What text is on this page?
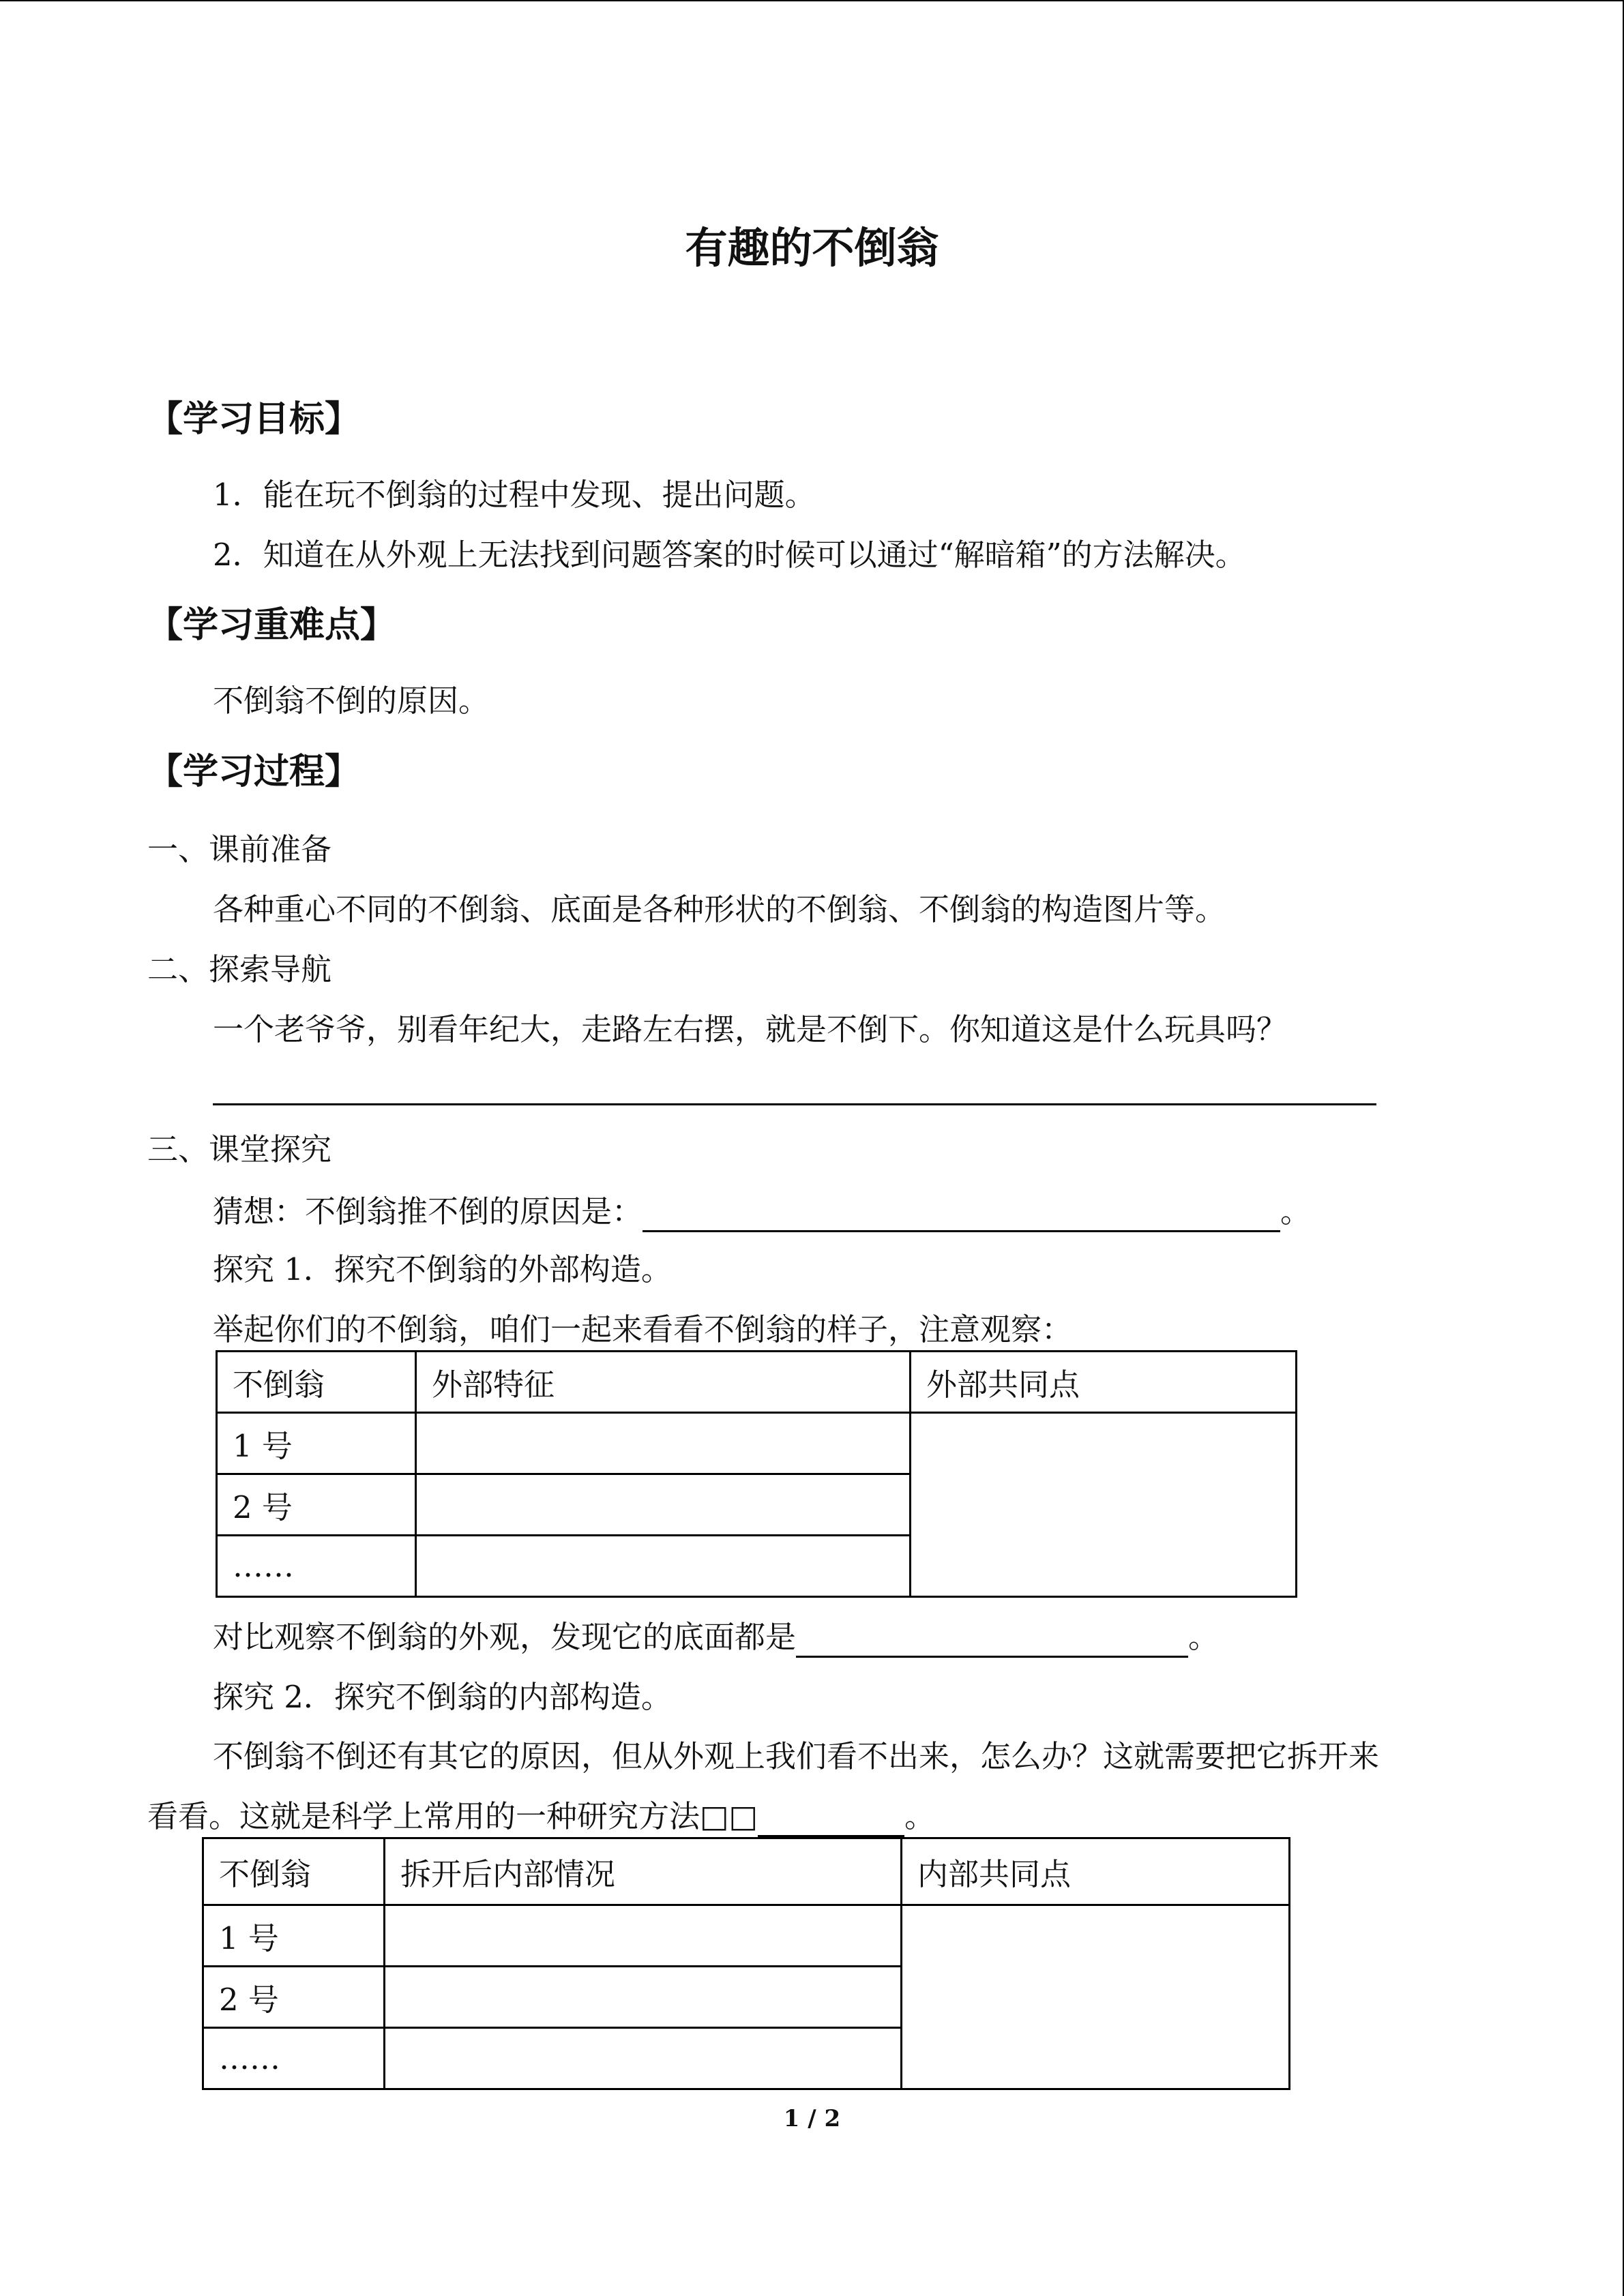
有趣的不倒翁
【学习目标】
1．能在玩不倒翁的过程中发现、提出问题。
2．知道在从外观上无法找到问题答案的时候可以通过“解暗箱”的方法解决。
【学习重难点】
不倒翁不倒的原因。
【学习过程】
一、课前准备
各种重心不同的不倒翁、底面是各种形状的不倒翁、不倒翁的构造图片等。
二、探索导航
一个老爷爷，别看年纪大，走路左右摆，就是不倒下。你知道这是什么玩具吗？
三、课堂探究
猜想：不倒翁推不倒的原因是：	。
探究 1．探究不倒翁的外部构造。
举起你们的不倒翁，咱们一起来看看不倒翁的样子，注意观察：
不倒翁	外部特征	外部共同点
1 号		
2 号		
……		
对比观察不倒翁的外观，发现它的底面都是	。
探究 2．探究不倒翁的内部构造。
不倒翁不倒还有其它的原因，但从外观上我们看不出来，怎么办？这就需要把它拆开来
看看。这就是科学上常用的一种研究方法□□	。
不倒翁	拆开后内部情况	内部共同点
1 号		
2 号		
……		
1 / 2
